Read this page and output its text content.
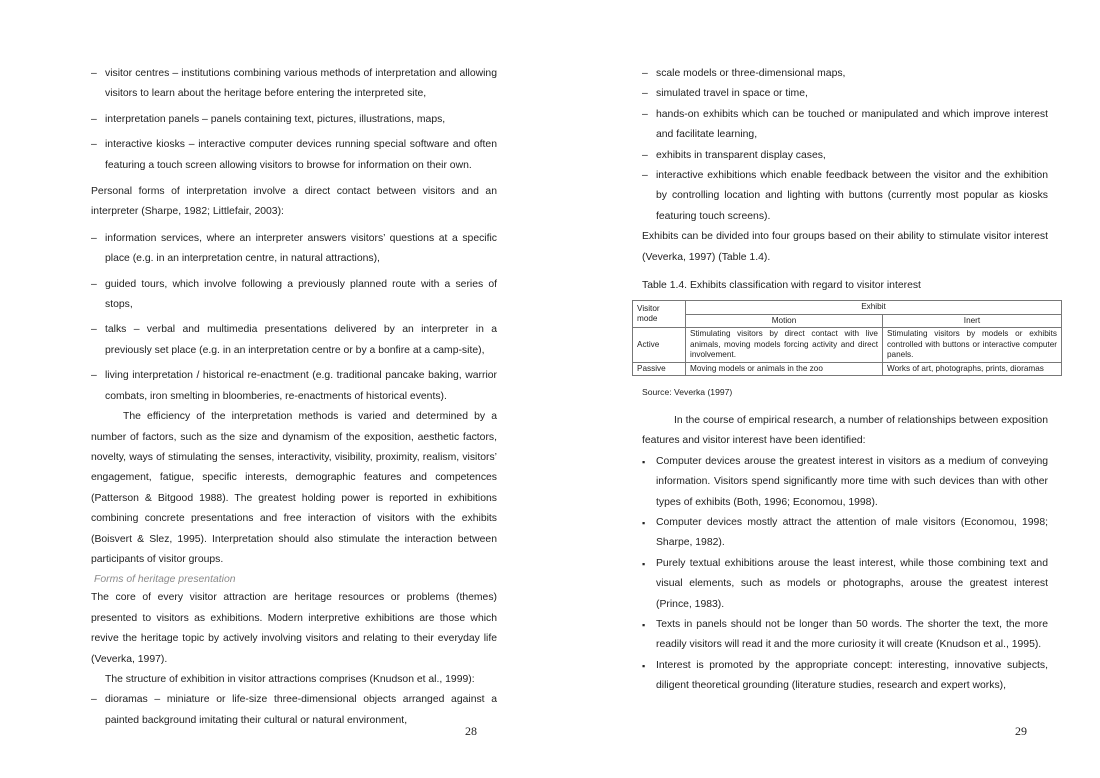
– visitor centres – institutions combining various methods of interpretation and allowing visitors to learn about the heritage before entering the interpreted site,
– interpretation panels – panels containing text, pictures, illustrations, maps,
– interactive kiosks – interactive computer devices running special software and often featuring a touch screen allowing visitors to browse for information on their own.

Personal forms of interpretation involve a direct contact between visitors and an interpreter (Sharpe, 1982; Littlefair, 2003):

– information services, where an interpreter answers visitors’ questions at a specific place (e.g. in an interpretation centre, in natural attractions),
– guided tours, which involve following a previously planned route with a series of stops,
– talks – verbal and multimedia presentations delivered by an interpreter in a previously set place (e.g. in an interpretation centre or by a bonfire at a camp-site),
– living interpretation / historical re-enactment (e.g. traditional pancake baking, warrior combats, iron smelting in bloomberies, re-enactments of historical events).

The efficiency of the interpretation methods is varied and determined by a number of factors, such as the size and dynamism of the exposition, aesthetic factors, novelty, ways of stimulating the senses, interactivity, visibility, proximity, realism, visitors’ engagement, fatigue, specific interests, demographic features and competences (Patterson & Bitgood 1988). The greatest holding power is reported in exhibitions combining concrete presentations and free interaction of visitors with the exhibits (Boisvert & Slez, 1995). Interpretation should also stimulate the interaction between participants of visitor groups.

Forms of heritage presentation

The core of every visitor attraction are heritage resources or problems (themes) presented to visitors as exhibitions. Modern interpretive exhibitions are those which revive the heritage topic by actively involving visitors and relating to their everyday life (Veverka, 1997).

The structure of exhibition in visitor attractions comprises (Knudson et al., 1999):

– dioramas – miniature or life-size three-dimensional objects arranged against a painted background imitating their cultural or natural environment,
28
– scale models or three-dimensional maps,
– simulated travel in space or time,
– hands-on exhibits which can be touched or manipulated and which improve interest and facilitate learning,
– exhibits in transparent display cases,
– interactive exhibitions which enable feedback between the visitor and the exhibition by controlling location and lighting with buttons (currently most popular as kiosks featuring touch screens).

Exhibits can be divided into four groups based on their ability to stimulate visitor interest (Veverka, 1997) (Table 1.4).

Table 1.4. Exhibits classification with regard to visitor interest
Visitor mode	Exhibit	
	Motion	Inert
Active	Stimulating visitors by direct contact with live animals, moving models forcing activity and direct involvement.	Stimulating visitors by models or exhibits controlled with buttons or interactive computer panels.
Passive	Moving models or animals in the zoo	Works of art, photographs, prints, dioramas
Source: Veverka (1997)

In the course of empirical research, a number of relationships between exposition features and visitor interest have been identified:

▪	Computer devices arouse the greatest interest in visitors as a medium of conveying information. Visitors spend significantly more time with such devices than with other types of exhibits (Both, 1996; Economou, 1998).
▪	Computer devices mostly attract the attention of male visitors (Economou, 1998; Sharpe, 1982).
▪	Purely textual exhibitions arouse the least interest, while those combining text and visual elements, such as models or photographs, arouse the greatest interest (Prince, 1983).
▪	Texts in panels should not be longer than 50 words. The shorter the text, the more readily visitors will read it and the more curiosity it will create (Knudson et al., 1995).
▪	Interest is promoted by the appropriate concept: interesting, innovative subjects, diligent theoretical grounding (literature studies, research and expert works),
29
